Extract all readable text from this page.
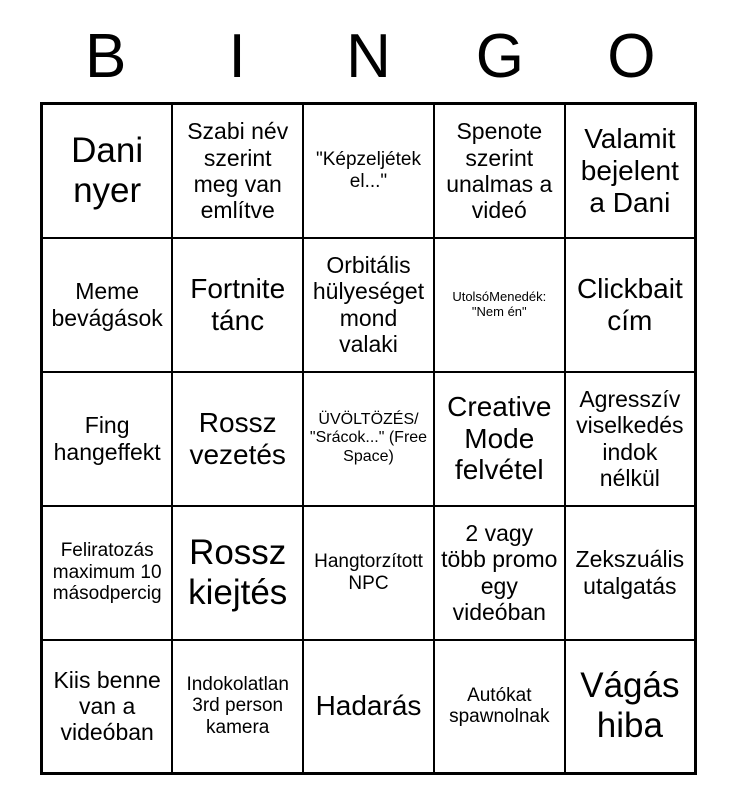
B	I	N	G	O
Dani nyer	Szabi név szerint meg van említve	"Képzeljétek el..."	Spenote szerint unalmas a videó	Valamit bejelent a Dani
Meme bevágások	Fortnite tánc	Orbitális hülyeséget mond valaki	UtolsóMenedék: "Nem én"	Clickbait cím
Fing hangeffekt	Rossz vezetés	ÜVÖLTÖZÉS/ "Srácok..." (Free Space)	Creative Mode felvétel	Agresszív viselkedés indok nélkül
Feliratozás maximum 10 másodpercig	Rossz kiejtés	Hangtorzított NPC	2 vagy több promo egy videóban	Zekszuális utalgatás
Kiis benne van a videóban	Indokolatlan 3rd person kamera	Hadarás	Autókat spawnolnak	Vágás hiba
